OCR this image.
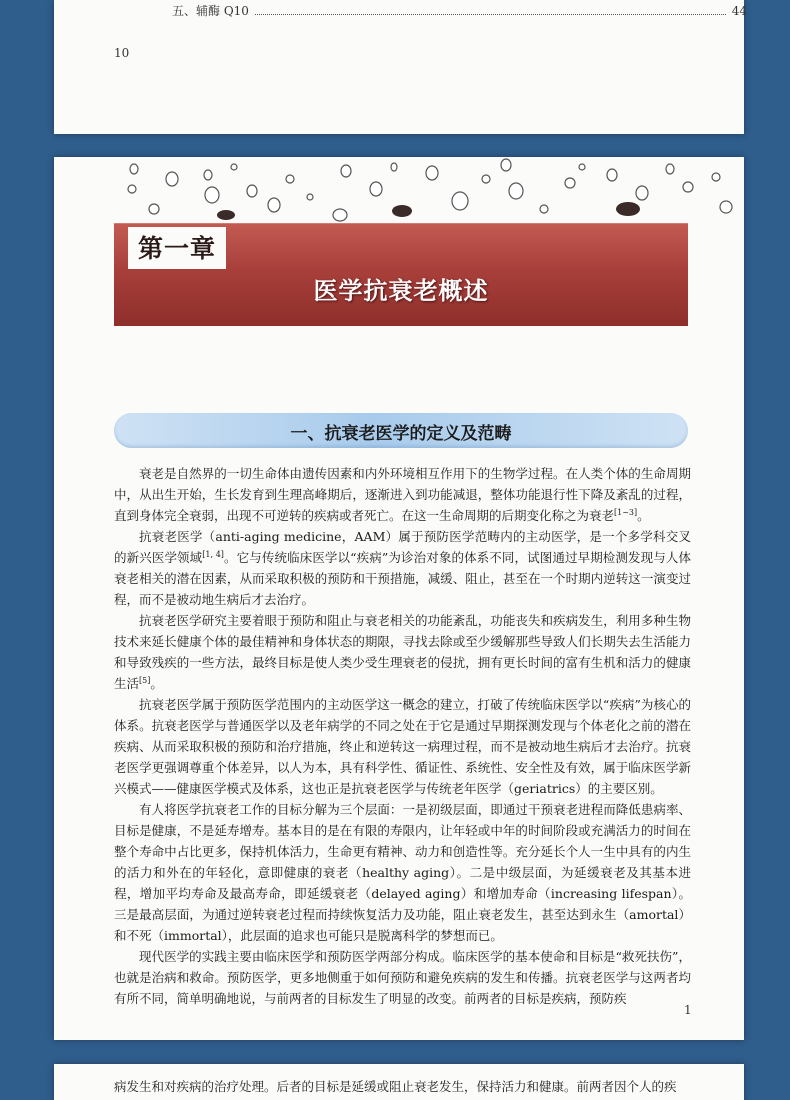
五、辅酶 Q10	44
10
第一章
医学抗衰老概述
一、抗衰老医学的定义及范畴

衰老是自然界的一切生命体由遗传因素和内外环境相互作用下的生物学过程。在人类个体的生命周期中，从出生开始，生长发育到生理高峰期后，逐渐进入到功能减退，整体功能退行性下降及紊乱的过程，直到身体完全衰弱，出现不可逆转的疾病或者死亡。在这一生命周期的后期变化称之为衰老[1~3]。

抗衰老医学（anti-aging medicine，AAM）属于预防医学范畴内的主动医学，是一个多学科交叉的新兴医学领域[1, 4]。它与传统临床医学以“疾病”为诊治对象的体系不同，试图通过早期检测发现与人体衰老相关的潜在因素，从而采取积极的预防和干预措施，减缓、阻止，甚至在一个时期内逆转这一演变过程，而不是被动地生病后才去治疗。

抗衰老医学研究主要着眼于预防和阻止与衰老相关的功能紊乱，功能丧失和疾病发生，利用多种生物技术来延长健康个体的最佳精神和身体状态的期限，寻找去除或至少缓解那些导致人们长期失去生活能力和导致残疾的一些方法，最终目标是使人类少受生理衰老的侵扰，拥有更长时间的富有生机和活力的健康生活[5]。

抗衰老医学属于预防医学范围内的主动医学这一概念的建立，打破了传统临床医学以“疾病”为核心的体系。抗衰老医学与普通医学以及老年病学的不同之处在于它是通过早期探测发现与个体老化之前的潜在疾病、从而采取积极的预防和治疗措施，终止和逆转这一病理过程，而不是被动地生病后才去治疗。抗衰老医学更强调尊重个体差异，以人为本，具有科学性、循证性、系统性、安全性及有效，属于临床医学新兴模式——健康医学模式及体系，这也正是抗衰老医学与传统老年医学（geriatrics）的主要区别。

有人将医学抗衰老工作的目标分解为三个层面：一是初级层面，即通过干预衰老进程而降低患病率、目标是健康，不是延寿增寿。基本目的是在有限的寿限内，让年轻或中年的时间阶段或充满活力的时间在整个寿命中占比更多，保持机体活力，生命更有精神、动力和创造性等。充分延长个人一生中具有的内生的活力和外在的年轻化，意即健康的衰老（healthy aging）。二是中级层面，为延缓衰老及其基本进程，增加平均寿命及最高寿命，即延缓衰老（delayed aging）和增加寿命（increasing lifespan）。三是最高层面，为通过逆转衰老过程而持续恢复活力及功能，阻止衰老发生，甚至达到永生（amortal）和不死（immortal），此层面的追求也可能只是脱离科学的梦想而已。

现代医学的实践主要由临床医学和预防医学两部分构成。临床医学的基本使命和目标是“救死扶伤”，也就是治病和救命。预防医学，更多地侧重于如何预防和避免疾病的发生和传播。抗衰老医学与这两者均有所不同，简单明确地说，与前两者的目标发生了明显的改变。前两者的目标是疾病，预防疾

1
病发生和对疾病的治疗处理。后者的目标是延缓或阻止衰老发生，保持活力和健康。前两者因个人的疾
